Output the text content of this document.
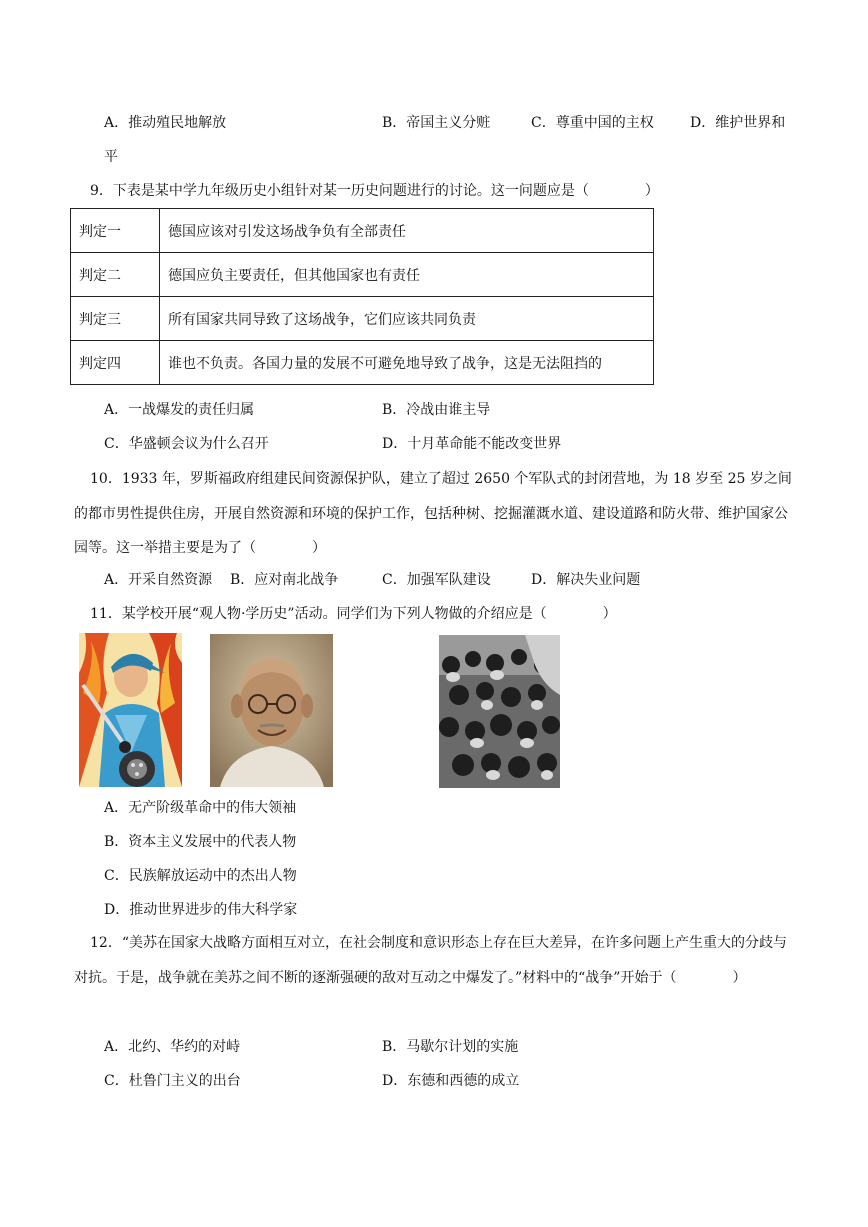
A．推动殖民地解放	B．帝国主义分赃	C．尊重中国的主权	D．维护世界和
平
9．下表是某中学九年级历史小组针对某一历史问题进行的讨论。这一问题应是（　　　　）
判定一	德国应该对引发这场战争负有全部责任
判定二	德国应负主要责任，但其他国家也有责任
判定三	所有国家共同导致了这场战争，它们应该共同负责
判定四	谁也不负责。各国力量的发展不可避免地导致了战争，这是无法阻挡的
A．一战爆发的责任归属	B．冷战由谁主导
C．华盛顿会议为什么召开	D．十月革命能不能改变世界
10．1933 年，罗斯福政府组建民间资源保护队，建立了超过 2650 个军队式的封闭营地，为 18 岁至 25 岁之间的都市男性提供住房，开展自然资源和环境的保护工作，包括种树、挖掘灌溉水道、建设道路和防火带、维护国家公园等。这一举措主要是为了（　　　　）
A．开采自然资源 B．应对南北战争	C．加强军队建设	D．解决失业问题
11．某学校开展“观人物·学历史”活动。同学们为下列人物做的介绍应是（　　　　）
A．无产阶级革命中的伟大领袖
B．资本主义发展中的代表人物
C．民族解放运动中的杰出人物
D．推动世界进步的伟大科学家
12．“美苏在国家大战略方面相互对立，在社会制度和意识形态上存在巨大差异，在许多问题上产生重大的分歧与对抗。于是，战争就在美苏之间不断的逐渐强硬的敌对互动之中爆发了。”材料中的“战争”开始于（　　　　）
A．北约、华约的对峙	B．马歇尔计划的实施
C．杜鲁门主义的出台	D．东德和西德的成立
